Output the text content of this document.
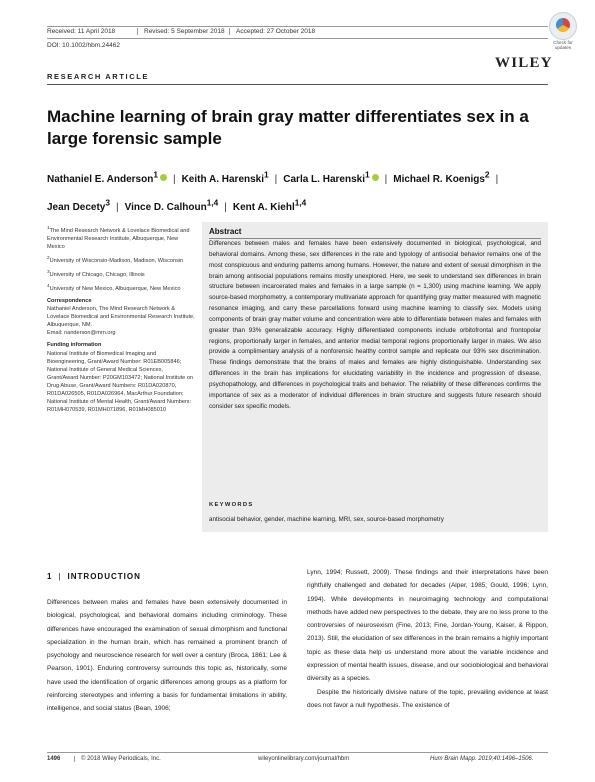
Received: 11 April 2018	Revised: 5 September 2018	Accepted: 27 October 2018
DOI: 10.1002/hbm.24462	Check for updates
RESEARCH ARTICLE
WILEY
Machine learning of brain gray matter differentiates sex in a large forensic sample
Nathaniel E. Anderson$^1$ | Keith A. Harenski$^1$ | Carla L. Harenski$^1$ | Michael R. Koenigs$^2$ |
Jean Decety$^3$ | Vince D. Calhoun$^{1,4}$ | Kent A. Kiehl$^{1,4}$
$^1$The Mind Research Network & Lovelace Biomedical and Environmental Research Institute, Albuquerque, New Mexico
$^2$University of Wisconsin-Madison, Madison, Wisconsin
$^3$University of Chicago, Chicago, Illinois
$^4$University of New Mexico, Albuquerque, New Mexico
Correspondence
Nathaniel Anderson, The Mind Research Network & Lovelace Biomedical and Environmental Research Institute, Albuquerque, NM.
Email: nanderson@mrn.org
Funding information
National Institute of Biomedical Imaging and Bioengineering, Grant/Award Number: R01EB005846; National Institute of General Medical Sciences, Grant/Award Number: P20GM103472; National Institute on Drug Abuse, Grant/Award Numbers: R01DA020870, R01DA026505, R01DA026964, MacArthur Foundation; National Institute of Mental Health, Grant/Award Numbers: R01MH070539, R01MH071896, R01MH085010
Abstract
Differences between males and females have been extensively documented in biological, psychological, and behavioral domains. Among these, sex differences in the rate and typology of antisocial behavior remains one of the most conspicuous and enduring patterns among humans. However, the nature and extent of sexual dimorphism in the brain among antisocial populations remains mostly unexplored. Here, we seek to understand sex differences in brain structure between incarcerated males and females in a large sample (n = 1,300) using machine learning. We apply source-based morphometry, a contemporary multivariate approach for quantifying gray matter measured with magnetic resonance imaging, and carry these parcellations forward using machine learning to classify sex. Models using components of brain gray matter volume and concentration were able to differentiate between males and females with greater than 93% generalizable accuracy. Highly differentiated components include orbitofrontal and frontopolar regions, proportionally larger in females, and anterior medial temporal regions proportionally larger in males. We also provide a complimentary analysis of a nonforensic healthy control sample and replicate our 93% sex discrimination. These findings demonstrate that the brains of males and females are highly distinguishable. Understanding sex differences in the brain has implications for elucidating variability in the incidence and progression of disease, psychopathology, and differences in psychological traits and behavior. The reliability of these differences confirms the importance of sex as a moderator of individual differences in brain structure and suggests future research should consider sex specific models.
KEYWORDS
antisocial behavior, gender, machine learning, MRI, sex, source-based morphometry
1 | INTRODUCTION
Differences between males and females have been extensively documented in biological, psychological, and behavioral domains including criminology. These differences have encouraged the examination of sexual dimorphism and functional specialization in the human brain, which has remained a prominent branch of psychology and neuroscience research for well over a century (Broca, 1861; Lee & Pearson, 1901). Enduring controversy surrounds this topic as, historically, some have used the identification of organic differences among groups as a platform for reinforcing stereotypes and inferring a basis for fundamental limitations in ability, intelligence, and social status (Bean, 1906;
Lynn, 1994; Russett, 2009). These findings and their interpretations have been rightfully challenged and debated for decades (Alper, 1985; Gould, 1996; Lynn, 1994). While developments in neuroimaging technology and computational methods have added new perspectives to the debate, they are no less prone to the controversies of neurosexism (Fine, 2013; Fine, Jordan-Young, Kaiser, & Rippon, 2013). Still, the elucidation of sex differences in the brain remains a highly important topic as these data help us understand more about the variable incidence and expression of mental health issues, disease, and our sociobiological and behavioral diversity as a species.
Despite the historically divisive nature of the topic, prevailing evidence at least does not favor a null hypothesis. The existence of
1496	© 2018 Wiley Periodicals, Inc.	wileyonlinelibrary.com/journal/hbm	Hum Brain Mapp. 2019;40:1496–1506.
